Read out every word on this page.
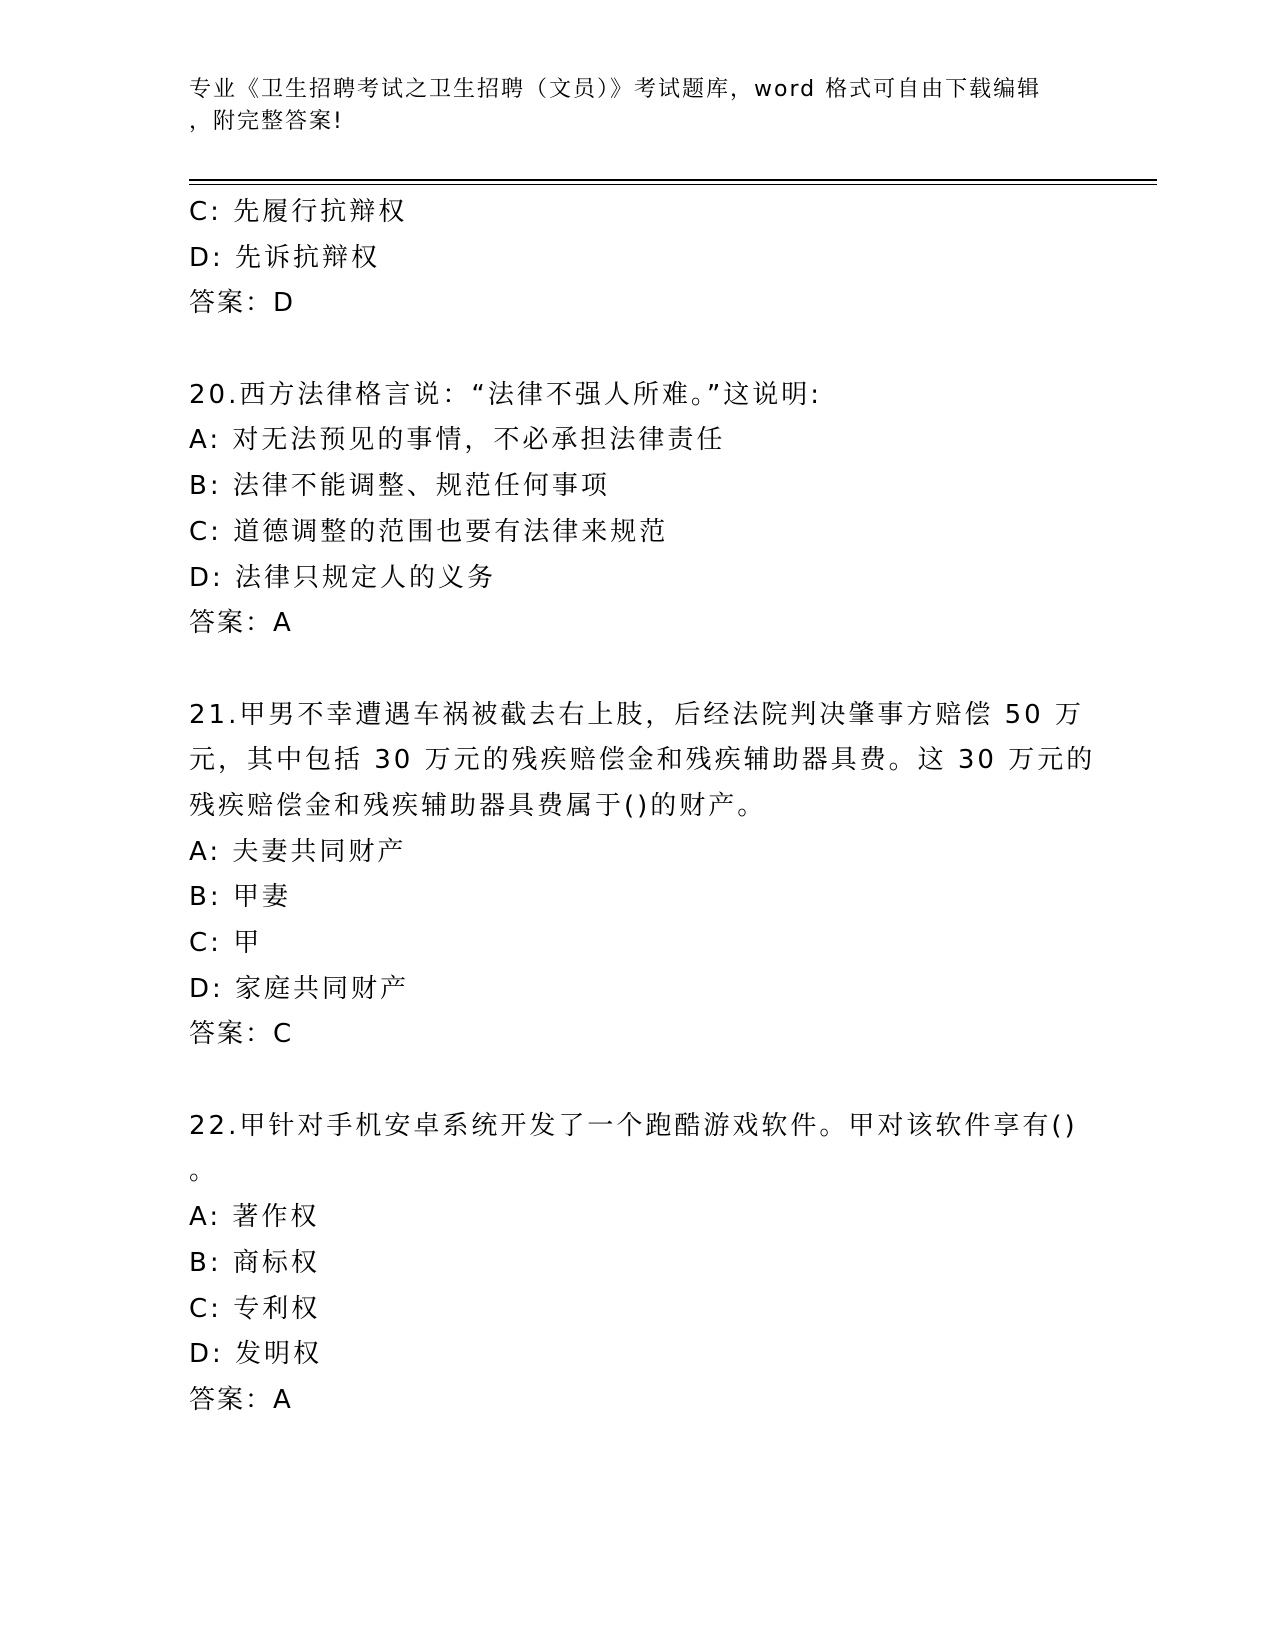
专业《卫生招聘考试之卫生招聘（文员）》考试题库，word 格式可自由下载编辑
，附完整答案!
C: 先履行抗辩权
D: 先诉抗辩权
答案：D
20.西方法律格言说：“法律不强人所难。”这说明:
A: 对无法预见的事情，不必承担法律责任
B: 法律不能调整、规范任何事项
C: 道德调整的范围也要有法律来规范
D: 法律只规定人的义务
答案：A
21.甲男不幸遭遇车祸被截去右上肢，后经法院判决肇事方赔偿 50 万
元，其中包括 30 万元的残疾赔偿金和残疾辅助器具费。这 30 万元的
残疾赔偿金和残疾辅助器具费属于()的财产。
A: 夫妻共同财产
B: 甲妻
C: 甲
D: 家庭共同财产
答案：C
22.甲针对手机安卓系统开发了一个跑酷游戏软件。甲对该软件享有()
。
A: 著作权
B: 商标权
C: 专利权
D: 发明权
答案：A
